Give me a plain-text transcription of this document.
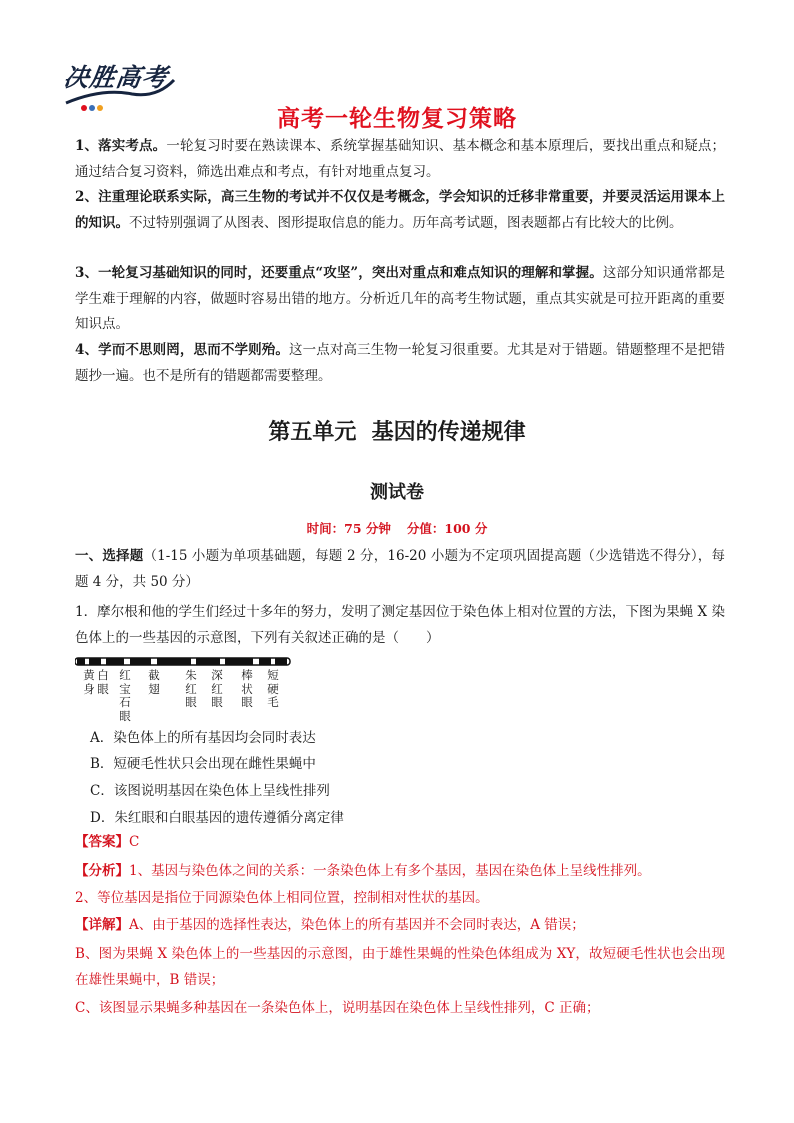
决胜高考
高考一轮生物复习策略
1、落实考点。一轮复习时要在熟读课本、系统掌握基础知识、基本概念和基本原理后，要找出重点和疑点；通过结合复习资料，筛选出难点和考点，有针对地重点复习。
2、注重理论联系实际，高三生物的考试并不仅仅是考概念，学会知识的迁移非常重要，并要灵活运用课本上的知识。不过特别强调了从图表、图形提取信息的能力。历年高考试题，图表题都占有比较大的比例。
3、一轮复习基础知识的同时，还要重点“攻坚”，突出对重点和难点知识的理解和掌握。这部分知识通常都是学生难于理解的内容，做题时容易出错的地方。分析近几年的高考生物试题，重点其实就是可拉开距离的重要知识点。
4、学而不思则罔，思而不学则殆。这一点对高三生物一轮复习很重要。尤其是对于错题。错题整理不是把错题抄一遍。也不是所有的错题都需要整理。
第五单元  基因的传递规律
测试卷
时间：75 分钟 分值：100 分
一、选择题（1-15 小题为单项基础题，每题 2 分，16-20 小题为不定项巩固提高题（少选错选不得分），每题 4 分，共 50 分）
1．摩尔根和他的学生们经过十多年的努力，发明了测定基因位于染色体上相对位置的方法，下图为果蝇 X 染色体上的一些基因的示意图，下列有关叙述正确的是（　　）
黄
身
白
眼
红
宝
石
眼
截
翅
朱
红
眼
深
红
眼
棒
状
眼
短
硬
毛
A．染色体上的所有基因均会同时表达
B．短硬毛性状只会出现在雌性果蝇中
C．该图说明基因在染色体上呈线性排列
D．朱红眼和白眼基因的遗传遵循分离定律
【答案】C
【分析】1、基因与染色体之间的关系：一条染色体上有多个基因，基因在染色体上呈线性排列。
2、等位基因是指位于同源染色体上相同位置，控制相对性状的基因。
【详解】A、由于基因的选择性表达，染色体上的所有基因并不会同时表达，A 错误；
B、图为果蝇 X 染色体上的一些基因的示意图，由于雄性果蝇的性染色体组成为 XY，故短硬毛性状也会出现在雄性果蝇中，B 错误；
C、该图显示果蝇多种基因在一条染色体上，说明基因在染色体上呈线性排列，C 正确；
